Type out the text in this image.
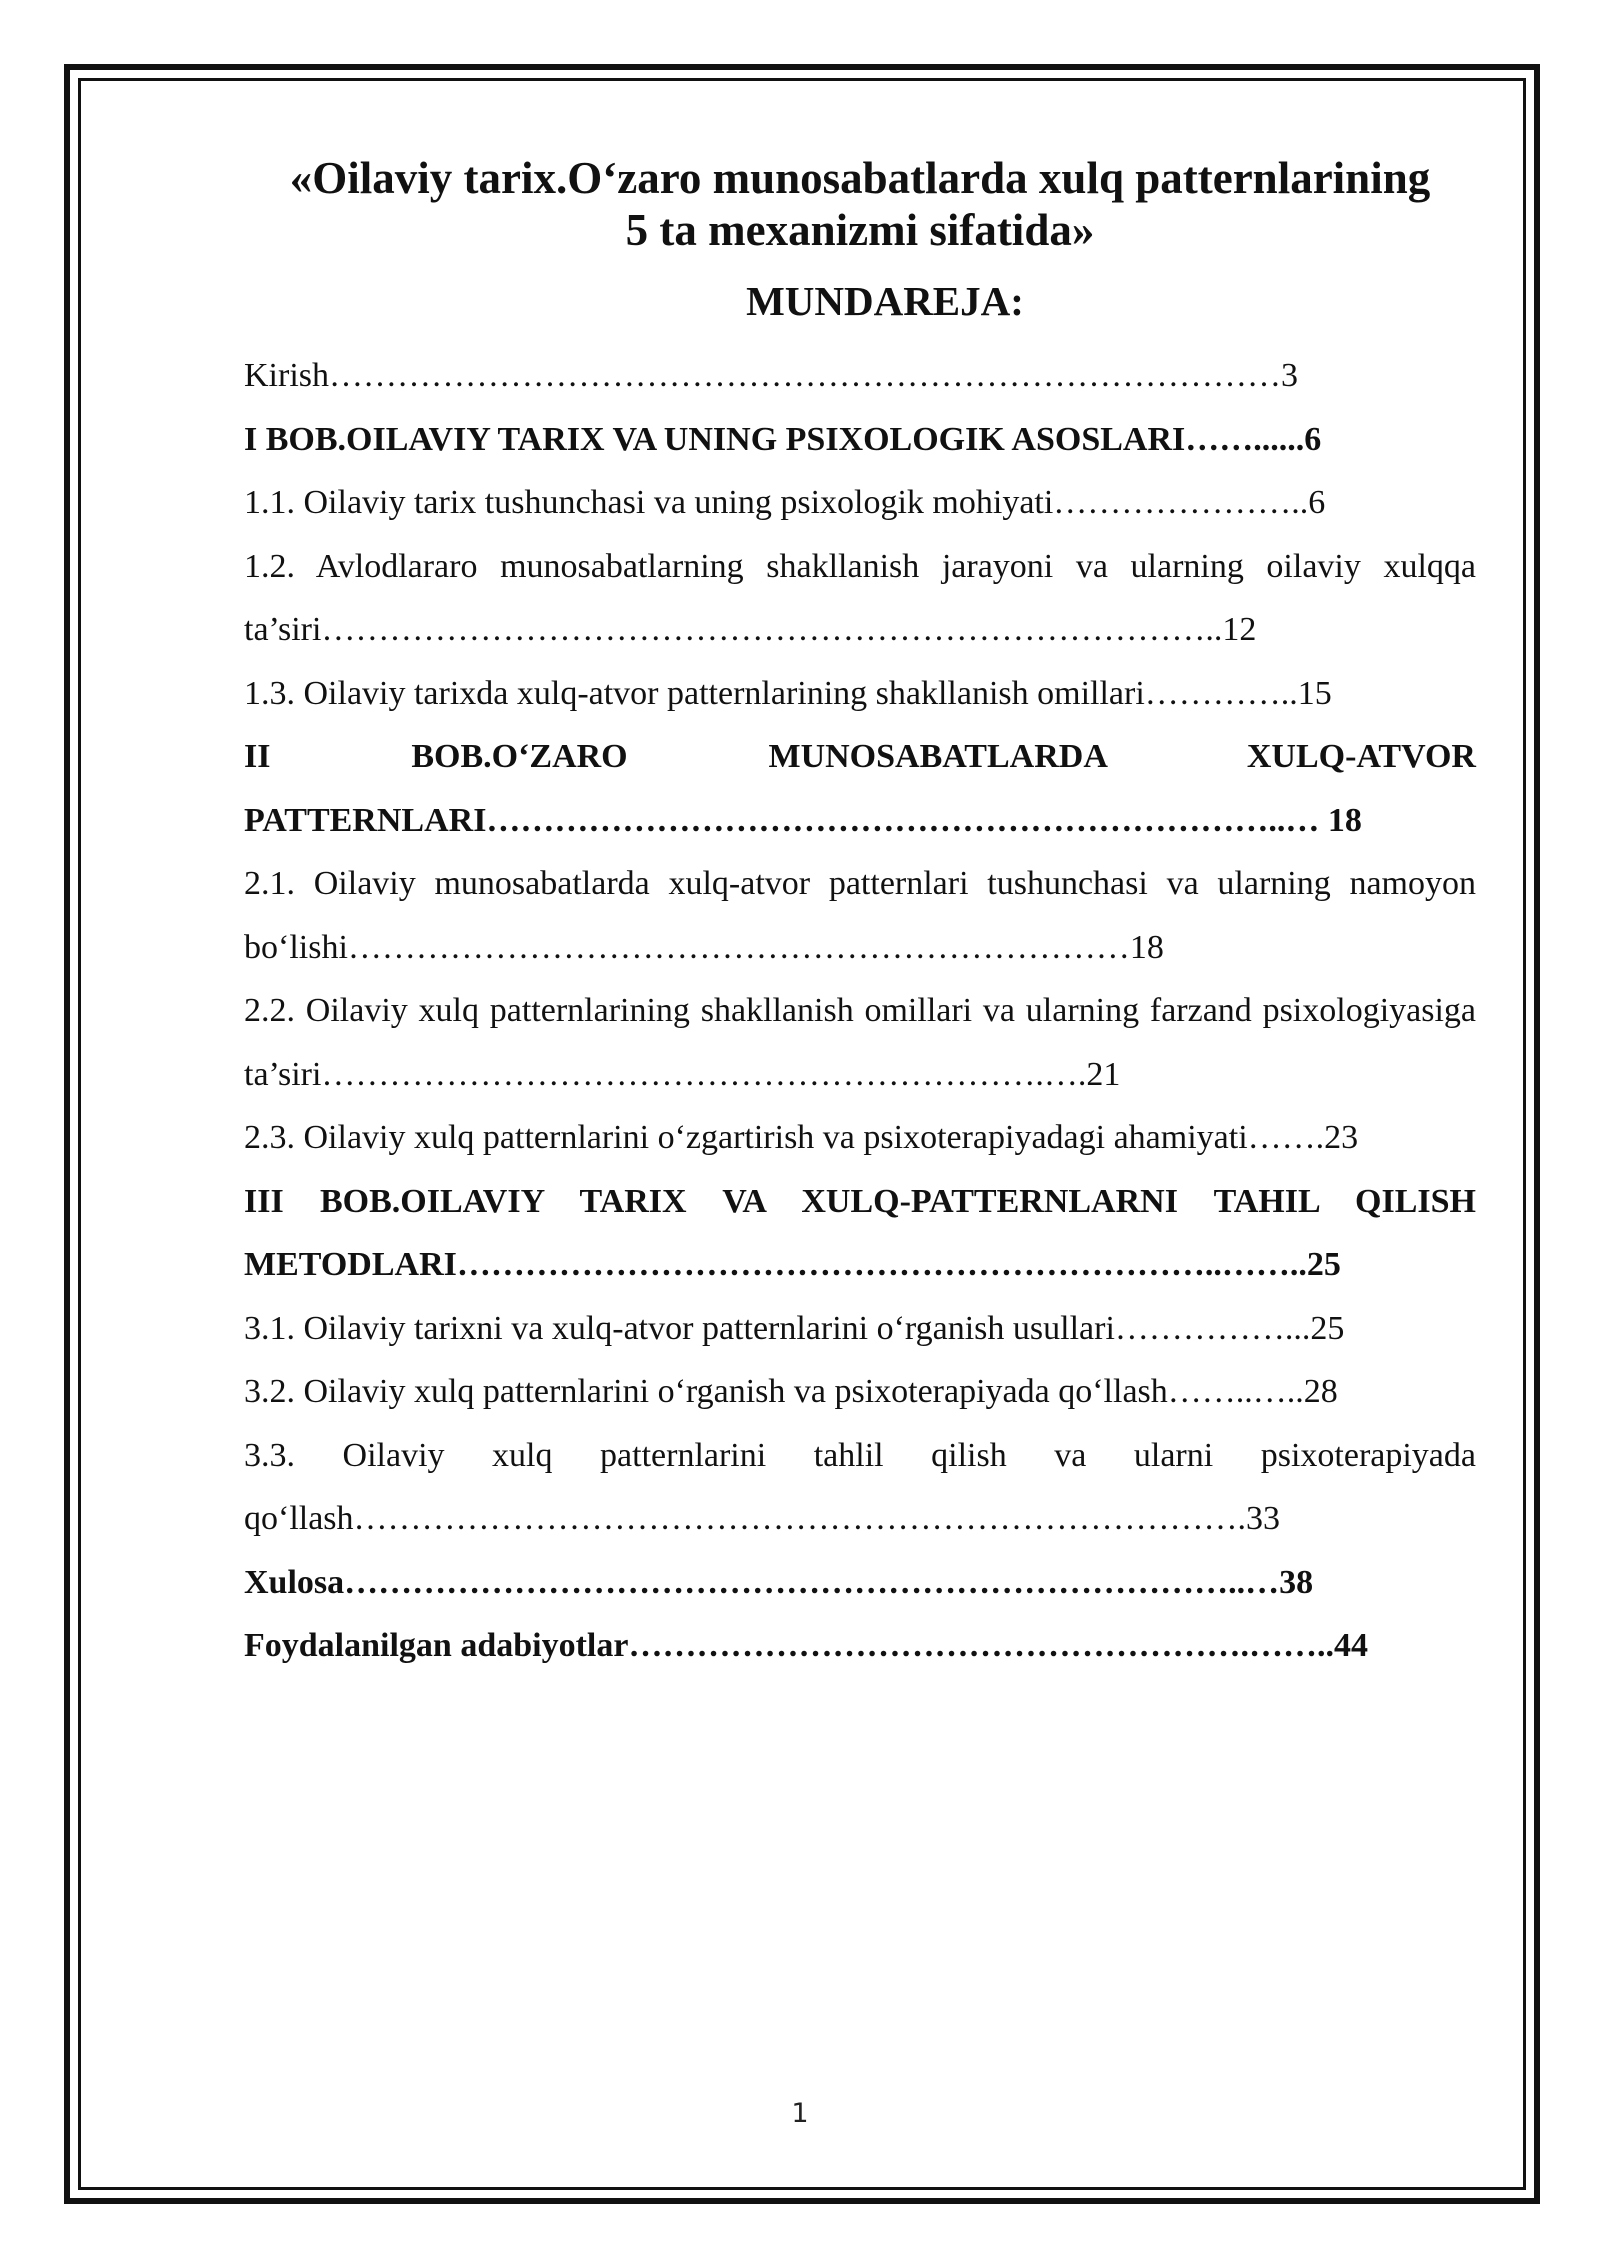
«Oilaviy tarix.O‘zaro munosabatlarda xulq patternlarining
5 ta mexanizmi sifatida»
MUNDAREJA:
Kirish…………………………………………………………………………3
I BOB.OILAVIY TARIX VA UNING PSIXOLOGIK ASOSLARI……......6
1.1. Oilaviy tarix tushunchasi va uning psixologik mohiyati…………………..6
1.2. Avlodlararo munosabatlarning shakllanish jarayoni va ularning oilaviy xulqqa ta’siri……………………………………………………………………..12
1.3. Oilaviy tarixda xulq-atvor patternlarining shakllanish omillari…………..15
II BOB.O‘ZARO MUNOSABATLARDA XULQ-ATVOR PATTERNLARI……………………………………………………………..… 18
2.1. Oilaviy munosabatlarda xulq-atvor patternlari tushunchasi va ularning namoyon bo‘lishi……………………………………………………………18
2.2. Oilaviy xulq patternlarining shakllanish omillari va ularning farzand psixologiyasiga ta’siri……………………………………………………….….21
2.3. Oilaviy xulq patternlarini o‘zgartirish va psixoterapiyadagi ahamiyati…….23
III BOB.OILAVIY TARIX VA XULQ-PATTERNLARNI TAHIL QILISH METODLARI…………………………………………………………..……..25
3.1. Oilaviy tarixni va xulq-atvor patternlarini o‘rganish usullari……………...25
3.2. Oilaviy xulq patternlarini o‘rganish va psixoterapiyada qo‘llash……..…..28
3.3. Oilaviy xulq patternlarini tahlil qilish va ularni psixoterapiyada qo‘llash…………………………………………………………………….33
Xulosa……………………………………………………………………..…38
Foydalanilgan adabiyotlar……………………………………………….……..44
1
